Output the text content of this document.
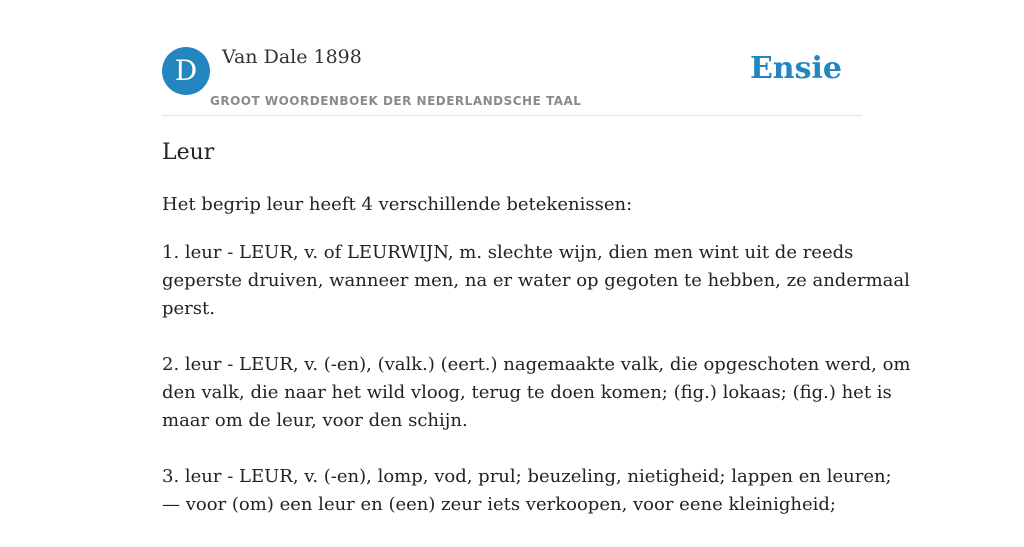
D	Van Dale 1898
GROOT WOORDENBOEK DER NEDERLANDSCHE TAAL
Ensie
Leur

Het begrip leur heeft 4 verschillende betekenissen:

1. leur - LEUR, v. of LEURWIJN, m. slechte wijn, dien men wint uit de reeds
geperste druiven, wanneer men, na er water op gegoten te hebben, ze andermaal
perst.
2. leur - LEUR, v. (-en), (valk.) (eert.) nagemaakte valk, die opgeschoten werd, om
den valk, die naar het wild vloog, terug te doen komen; (fig.) lokaas; (fig.) het is
maar om de leur, voor den schijn.
3. leur - LEUR, v. (-en), lomp, vod, prul; beuzeling, nietigheid; lappen en leuren;
— voor (om) een leur en (een) zeur iets verkoopen, voor eene kleinigheid;
